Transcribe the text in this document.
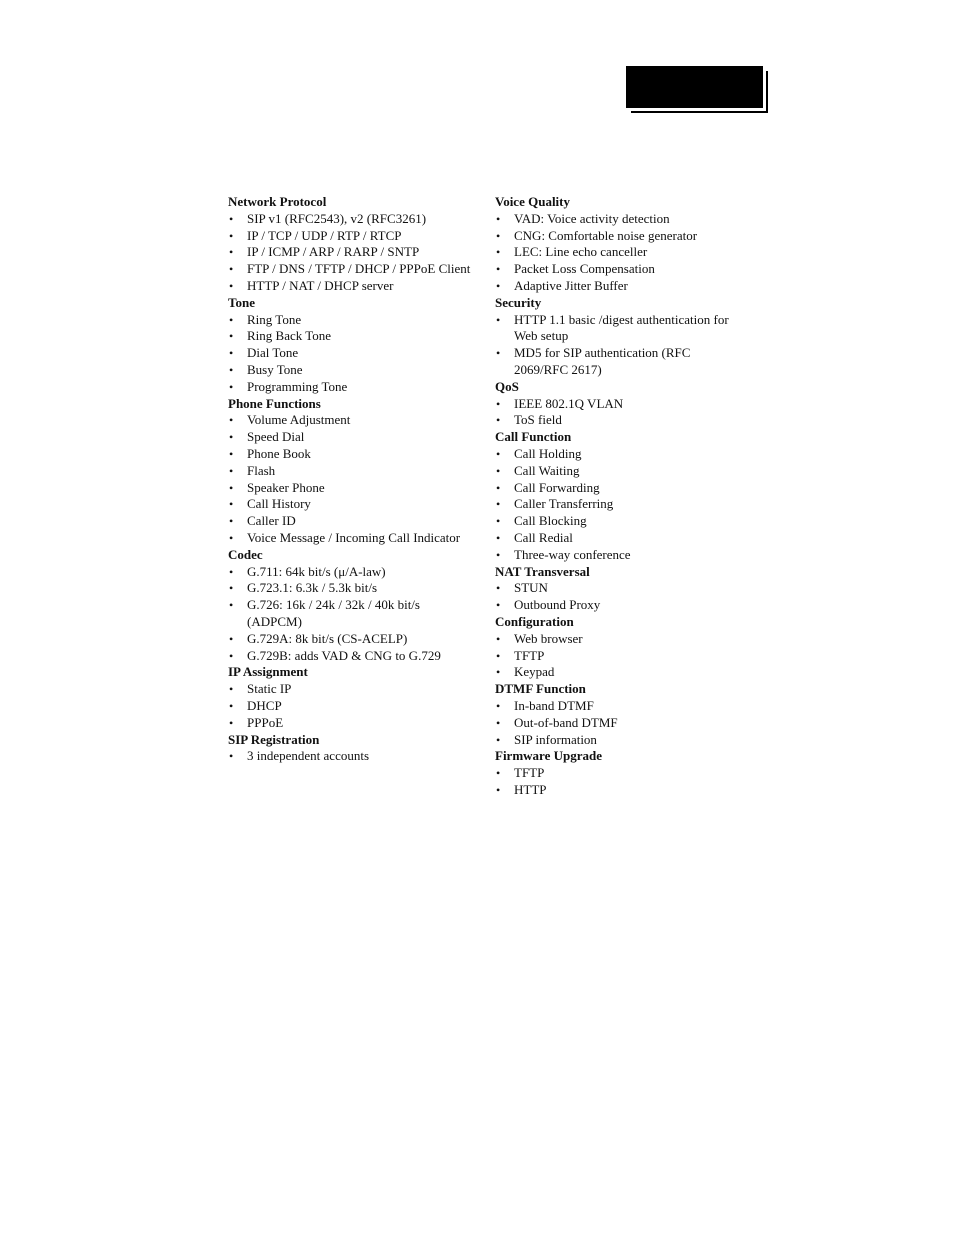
Network Protocol
• SIP v1 (RFC2543), v2 (RFC3261)
• IP / TCP / UDP / RTP / RTCP
• IP / ICMP / ARP / RARP / SNTP
• FTP / DNS / TFTP / DHCP / PPPoE Client
• HTTP / NAT / DHCP server
Tone
• Ring Tone
• Ring Back Tone
• Dial Tone
• Busy Tone
• Programming Tone
Phone Functions
• Volume Adjustment
• Speed Dial
• Phone Book
• Flash
• Speaker Phone
• Call History
• Caller ID
• Voice Message / Incoming Call Indicator
Codec
• G.711: 64k bit/s (μ/A-law)
• G.723.1: 6.3k / 5.3k bit/s
• G.726: 16k / 24k / 32k / 40k bit/s (ADPCM)
• G.729A: 8k bit/s (CS-ACELP)
• G.729B: adds VAD & CNG to G.729
IP Assignment
• Static IP
• DHCP
• PPPoE
SIP Registration
• 3 independent accounts
Voice Quality
• VAD: Voice activity detection
• CNG: Comfortable noise generator
• LEC: Line echo canceller
• Packet Loss Compensation
• Adaptive Jitter Buffer
Security
• HTTP 1.1 basic /digest authentication for Web setup
• MD5 for SIP authentication (RFC 2069/RFC 2617)
QoS
• IEEE 802.1Q VLAN
• ToS field
Call Function
• Call Holding
• Call Waiting
• Call Forwarding
• Caller Transferring
• Call Blocking
• Call Redial
• Three-way conference
NAT Transversal
• STUN
• Outbound Proxy
Configuration
• Web browser
• TFTP
• Keypad
DTMF Function
• In-band DTMF
• Out-of-band DTMF
• SIP information
Firmware Upgrade
• TFTP
• HTTP
